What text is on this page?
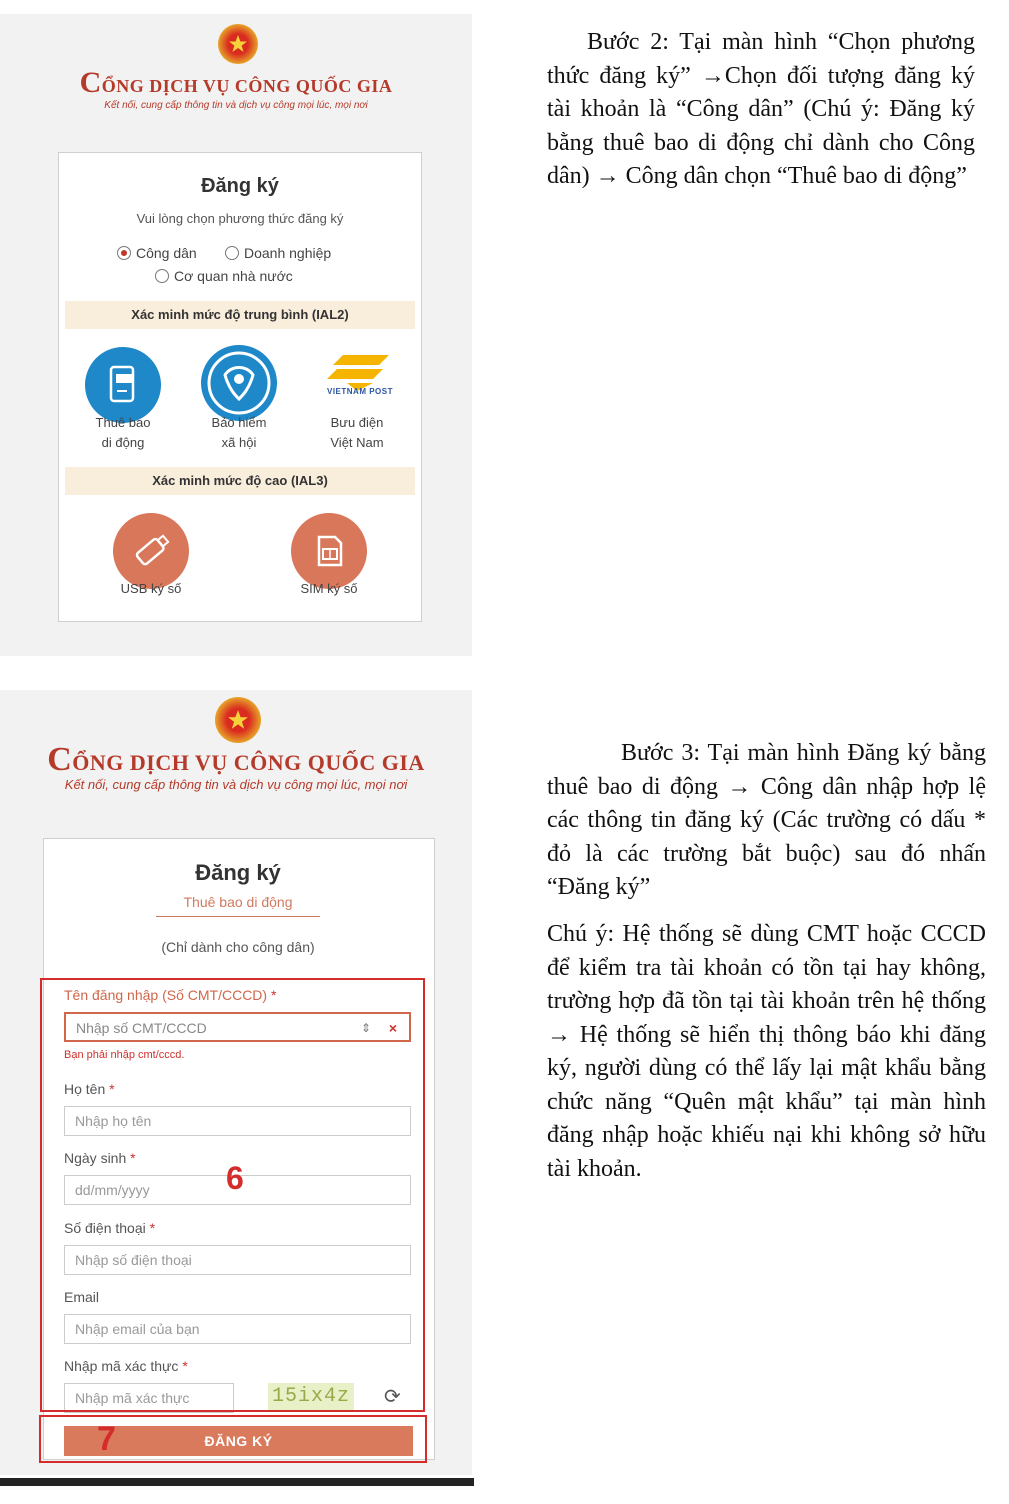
CỔNG DỊCH VỤ CÔNG QUỐC GIA
Kết nối, cung cấp thông tin và dịch vụ công mọi lúc, mọi nơi
Đăng ký
Vui lòng chọn phương thức đăng ký
Công dân	Doanh nghiệp
Cơ quan nhà nước
Xác minh mức độ trung bình (IAL2)
Thuê bao
di động
Bảo hiểm
xã hội
VIETNAM POST
Bưu điện
Việt Nam
Xác minh mức độ cao (IAL3)
USB ký số	SIM ký số
Bước 2: Tại màn hình “Chọn phương thức đăng ký” →Chọn đối tượng đăng ký tài khoản là “Công dân” (Chú ý: Đăng ký bằng thuê bao di động chỉ dành cho Công dân) → Công dân chọn “Thuê bao di động”
CỔNG DỊCH VỤ CÔNG QUỐC GIA
Kết nối, cung cấp thông tin và dịch vụ công mọi lúc, mọi nơi
Đăng ký
Thuê bao di động
(Chỉ dành cho công dân)
Tên đăng nhập (Số CMT/CCCD) *
Nhập số CMT/CCCD	⇕ ×
Bạn phải nhập cmt/cccd.
Họ tên *
Nhập họ tên
Ngày sinh *
dd/mm/yyyy
Số điện thoại *
Nhập số điện thoại
Email
Nhập email của bạn
Nhập mã xác thực *
Nhập mã xác thực	15ix4z ⟳
6
ĐĂNG KÝ
7
Bước 3: Tại màn hình Đăng ký bằng thuê bao di động → Công dân nhập hợp lệ các thông tin đăng ký (Các trường có dấu * đỏ là các trường bắt buộc) sau đó nhấn “Đăng ký”
Chú ý: Hệ thống sẽ dùng CMT hoặc CCCD để kiểm tra tài khoản có tồn tại hay không, trường hợp đã tồn tại tài khoản trên hệ thống → Hệ thống sẽ hiển thị thông báo khi đăng ký, người dùng có thể lấy lại mật khẩu bằng chức năng “Quên mật khẩu” tại màn hình đăng nhập hoặc khiếu nại khi không sở hữu tài khoản.
